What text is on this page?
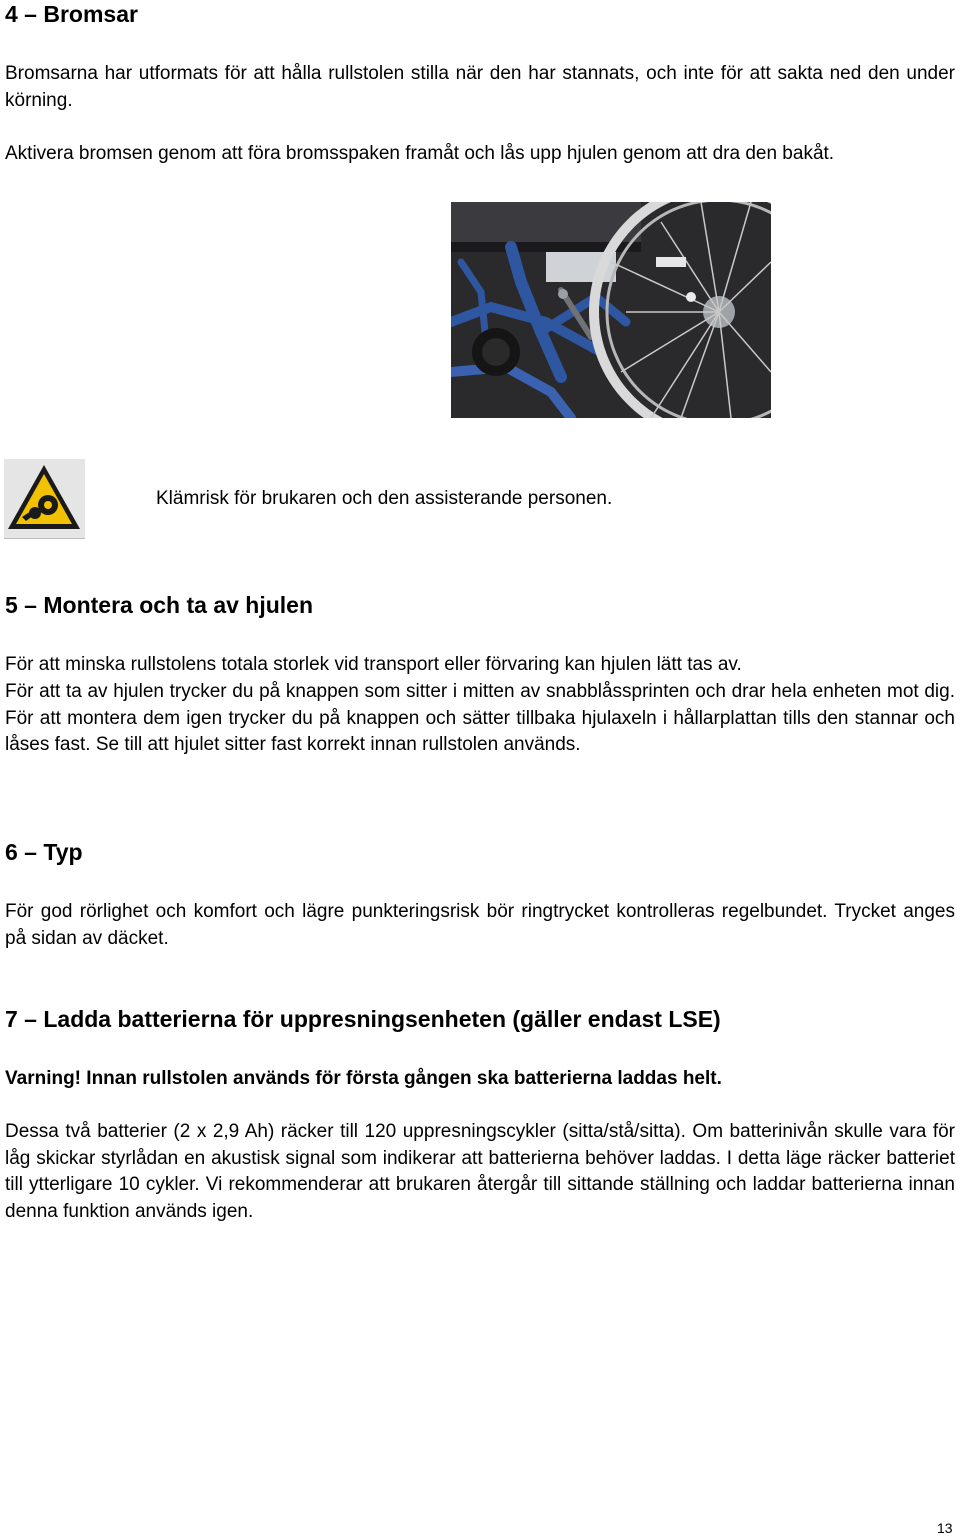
4 – Bromsar

Bromsarna har utformats för att hålla rullstolen stilla när den har stannats, och inte för att sakta ned den under körning.

Aktivera bromsen genom att föra bromsspaken framåt och lås upp hjulen genom att dra den bakåt.

Klämrisk för brukaren och den assisterande personen.
5 – Montera och ta av hjulen

För att minska rullstolens totala storlek vid transport eller förvaring kan hjulen lätt tas av.

För att ta av hjulen trycker du på knappen som sitter i mitten av snabblåssprinten och drar hela enheten mot dig. För att montera dem igen trycker du på knappen och sätter tillbaka hjulaxeln i hållarplattan tills den stannar och låses fast. Se till att hjulet sitter fast korrekt innan rullstolen används.

6 – Typ

För god rörlighet och komfort och lägre punkteringsrisk bör ringtrycket kontrolleras regelbundet. Trycket anges på sidan av däcket.

7 – Ladda batterierna för uppresningsenheten (gäller endast LSE)

Varning! Innan rullstolen används för första gången ska batterierna laddas helt.

Dessa två batterier (2 x 2,9 Ah) räcker till 120 uppresningscykler (sitta/stå/sitta). Om batterinivån skulle vara för låg skickar styrlådan en akustisk signal som indikerar att batterierna behöver laddas. I detta läge räcker batteriet till ytterligare 10 cykler. Vi rekommenderar att brukaren återgår till sittande ställning och laddar batterierna innan denna funktion används igen.

13
